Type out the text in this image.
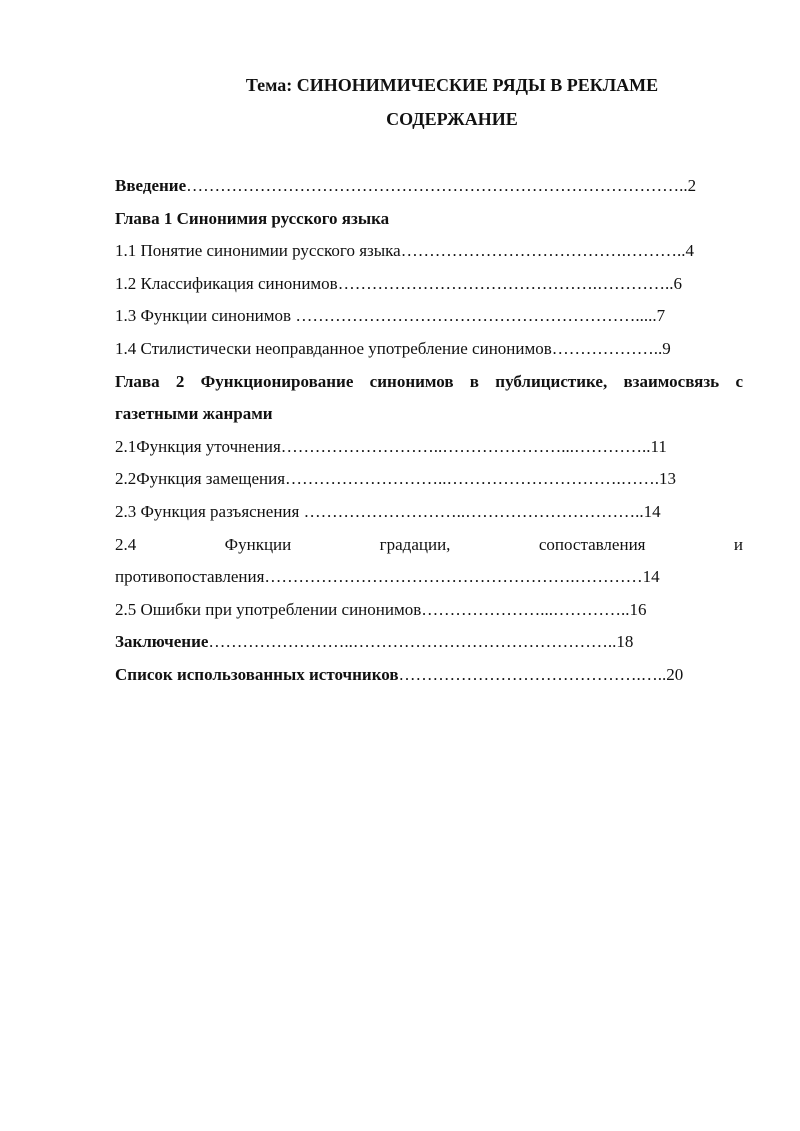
Тема: СИНОНИМИЧЕСКИЕ РЯДЫ В РЕКЛАМЕ
СОДЕРЖАНИЕ
Введение……………………………………………………………………………..2
Глава 1 Синонимия русского языка
1.1 Понятие синонимии русского языка………………………………….………..4
1.2 Классификация синонимов……………………………………….…………..6
1.3 Функции синонимов …………………………………………………….....7
1.4 Стилистически неоправданное употребление синонимов………………..9
Глава 2 Функционирование синонимов в публицистике, взаимосвязь с
газетными жанрами
2.1Функция уточнения………………………..…………………...…………..11
2.2Функция замещения………………………..………………………….…….13
2.3 Функция разъяснения ………………………..…………………………..14
2.4 Функции градации, сопоставления и
противопоставления……………………………………………….…………14
2.5 Ошибки при употреблении синонимов…………………...…………..16
Заключение……………………..………………………………………..18
Список использованных источников…………………………………….…..20
